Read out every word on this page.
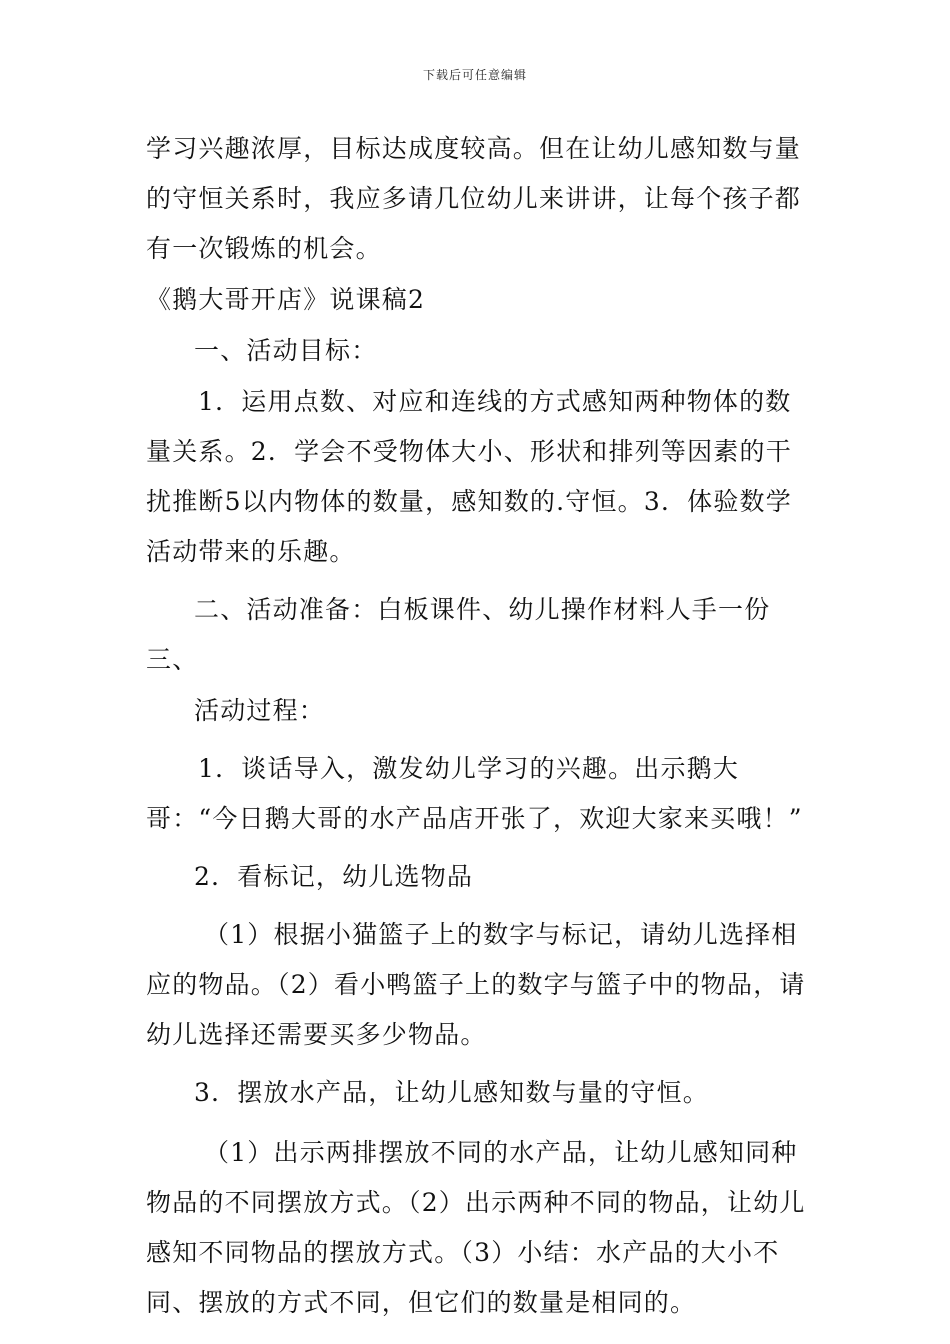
下载后可任意编辑

学习兴趣浓厚，目标达成度较高。但在让幼儿感知数与量的守恒关系时，我应多请几位幼儿来讲讲，让每个孩子都有一次锻炼的机会。

《鹅大哥开店》说课稿2

一、活动目标：

1．运用点数、对应和连线的方式感知两种物体的数量关系。2．学会不受物体大小、形状和排列等因素的干扰推断5以内物体的数量，感知数的.守恒。3．体验数学活动带来的乐趣。

二、活动准备：白板课件、幼儿操作材料人手一份三、

活动过程：

1．谈话导入，激发幼儿学习的兴趣。出示鹅大哥：“今日鹅大哥的水产品店开张了，欢迎大家来买哦！”

2．看标记，幼儿选物品

（1）根据小猫篮子上的数字与标记，请幼儿选择相应的物品。（2）看小鸭篮子上的数字与篮子中的物品，请幼儿选择还需要买多少物品。

3．摆放水产品，让幼儿感知数与量的守恒。

（1）出示两排摆放不同的水产品，让幼儿感知同种物品的不同摆放方式。（2）出示两种不同的物品，让幼儿感知不同物品的摆放方式。（3）小结：水产品的大小不同、摆放的方式不同，但它们的数量是相同的。
